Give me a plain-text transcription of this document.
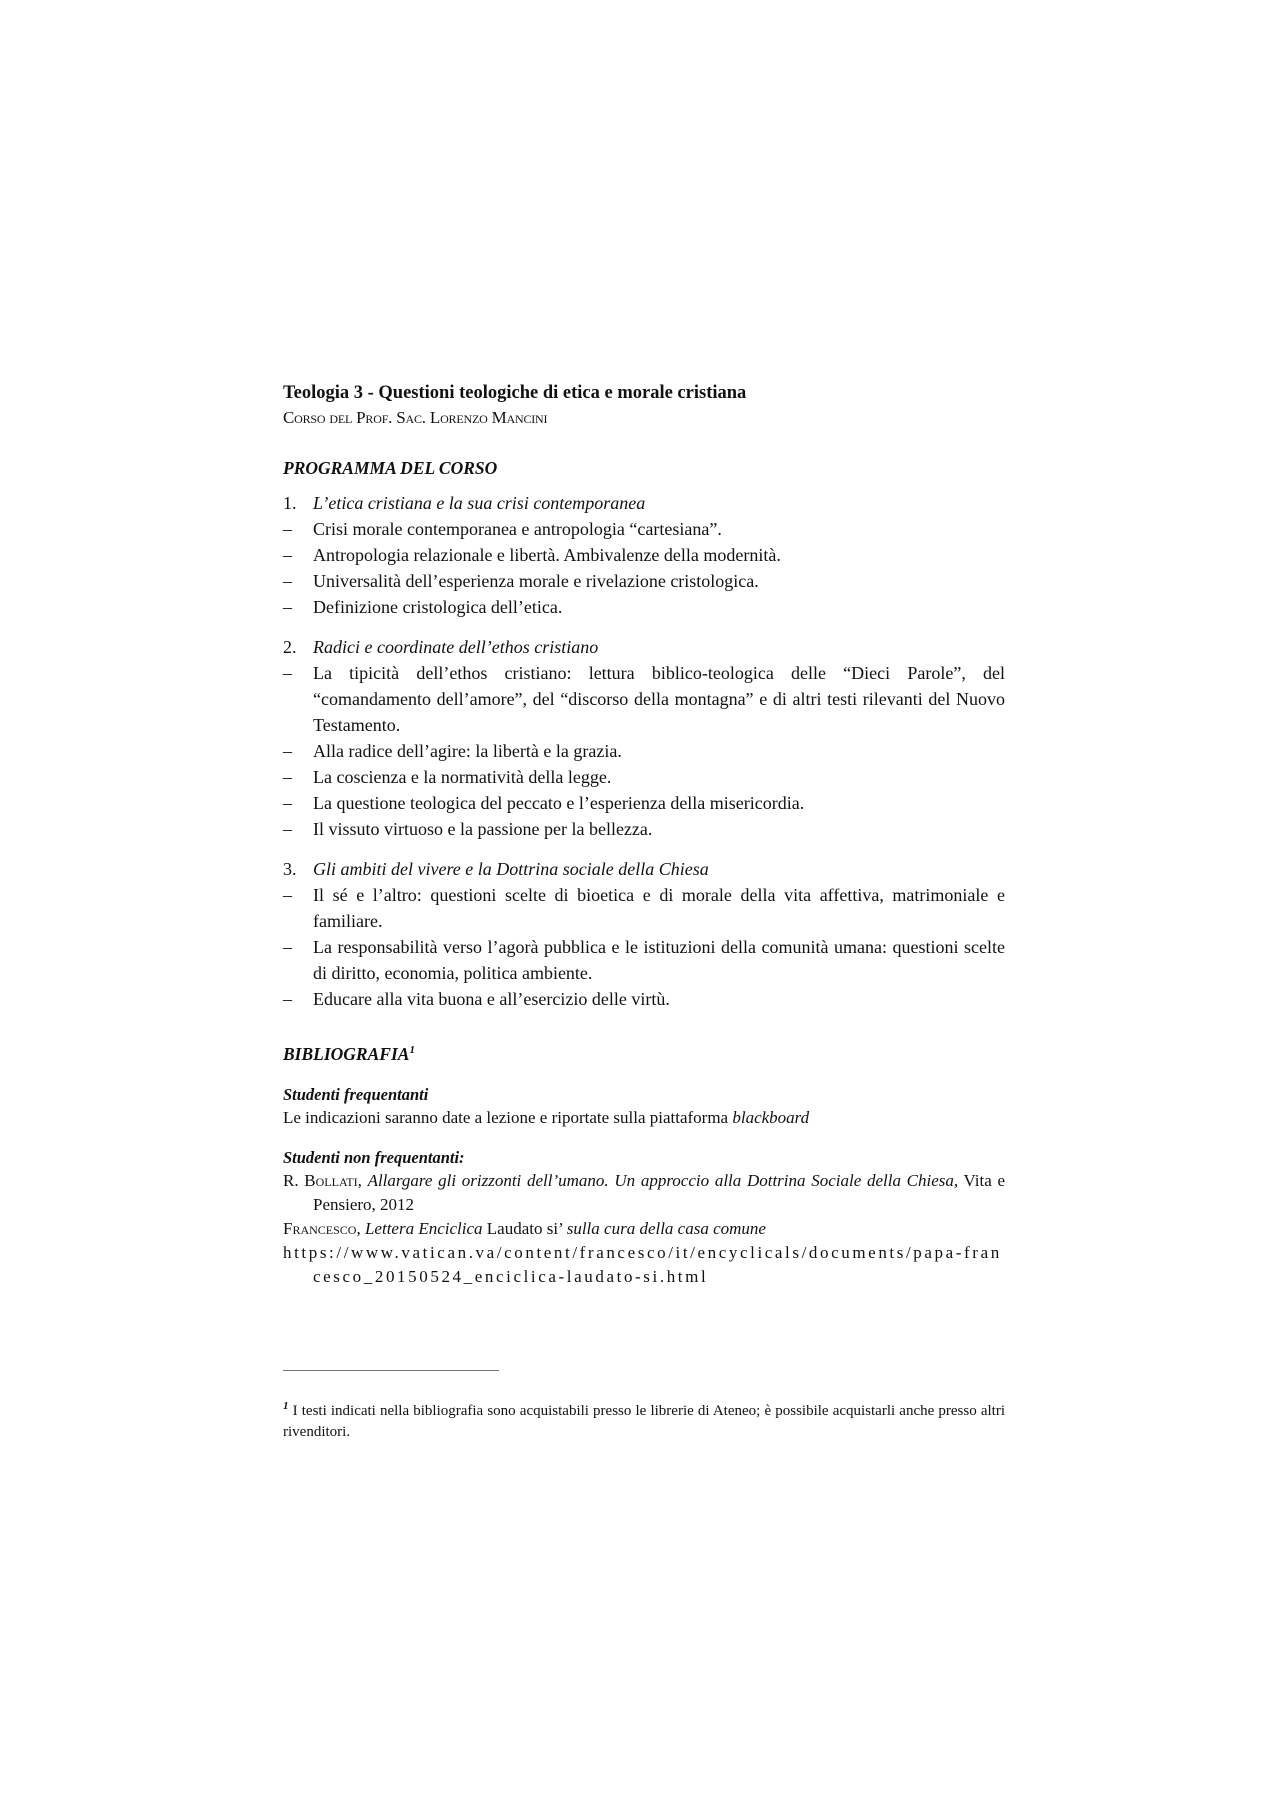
Teologia 3 - Questioni teologiche di etica e morale cristiana

Corso del Prof. Sac. Lorenzo Mancini

PROGRAMMA DEL CORSO

1. L’etica cristiana e la sua crisi contemporanea
–	Crisi morale contemporanea e antropologia “cartesiana”.
–	Antropologia relazionale e libertà. Ambivalenze della modernità.
–	Universalità dell’esperienza morale e rivelazione cristologica.
–	Definizione cristologica dell’etica.
2. Radici e coordinate dell’ethos cristiano
–	La tipicità dell’ethos cristiano: lettura biblico-teologica delle “Dieci Parole”, del “comandamento dell’amore”, del “discorso della montagna” e di altri testi rilevanti del Nuovo Testamento.
–	Alla radice dell’agire: la libertà e la grazia.
–	La coscienza e la normatività della legge.
–	La questione teologica del peccato e l’esperienza della misericordia.
–	Il vissuto virtuoso e la passione per la bellezza.
3. Gli ambiti del vivere e la Dottrina sociale della Chiesa
–	Il sé e l’altro: questioni scelte di bioetica e di morale della vita affettiva, matrimoniale e familiare.
–	La responsabilità verso l’agorà pubblica e le istituzioni della comunità umana: questioni scelte di diritto, economia, politica ambiente.
–	Educare alla vita buona e all’esercizio delle virtù.

BIBLIOGRAFIA$^1$

Studenti frequentanti

Le indicazioni saranno date a lezione e riportate sulla piattaforma blackboard

Studenti non frequentanti:

R. Bollati, Allargare gli orizzonti dell’umano. Un approccio alla Dottrina Sociale della Chiesa, Vita e Pensiero, 2012

Francesco, Lettera Enciclica Laudato si’ sulla cura della casa comune

https://www.vatican.va/content/francesco/it/encyclicals/documents/papa-francesco_20150524_enciclica-laudato-si.html

$^1$ I testi indicati nella bibliografia sono acquistabili presso le librerie di Ateneo; è possibile acquistarli anche presso altri rivenditori.
